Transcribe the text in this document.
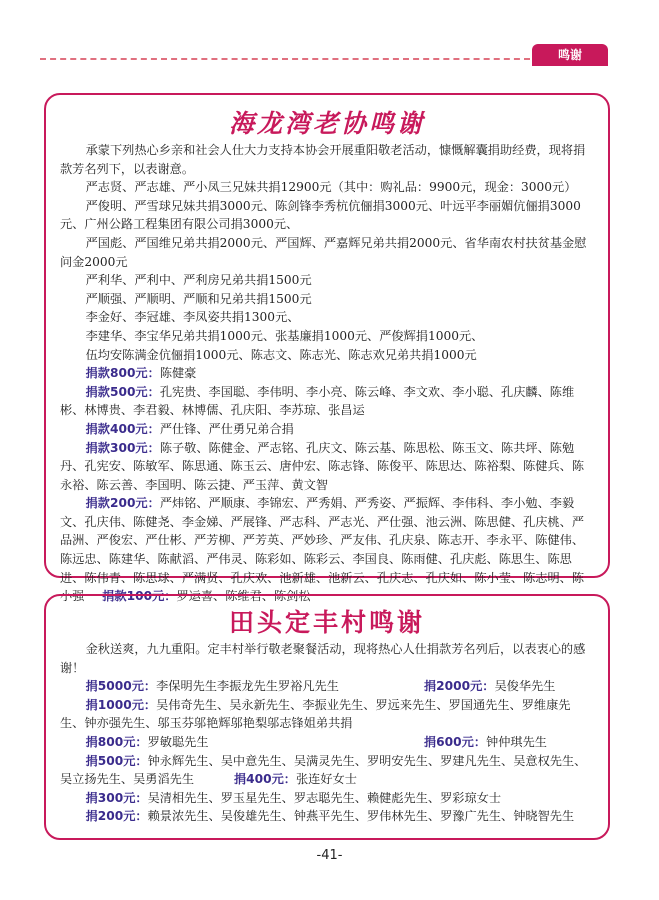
鸣谢
海龙湾老协鸣谢

承蒙下列热心乡亲和社会人仕大力支持本协会开展重阳敬老活动，慷慨解囊捐助经费，现将捐款芳名列下，以表谢意。

严志贤、严志雄、严小凤三兄妹共捐12900元（其中：购礼品：9900元，现金：3000元）

严俊明、严雪球兄妹共捐3000元、陈剑锋李秀杭伉俪捐3000元、叶远平李丽媚伉俪捐3000元、广州公路工程集团有限公司捐3000元、

严国彪、严国维兄弟共捐2000元、严国辉、严嘉辉兄弟共捐2000元、省华南农村扶贫基金慰问金2000元

严利华、严利中、严利房兄弟共捐1500元

严顺强、严顺明、严顺和兄弟共捐1500元

李金好、李冠雄、李凤姿共捐1300元、

李建华、李宝华兄弟共捐1000元、张基廉捐1000元、严俊辉捐1000元、

伍均安陈满金伉俪捐1000元、陈志文、陈志光、陈志欢兄弟共捐1000元

捐款800元：陈健豪

捐款500元：孔宪贵、李国聪、李伟明、李小亮、陈云峰、李文欢、李小聪、孔庆麟、陈维彬、林博贵、李君毅、林博儒、孔庆阳、李苏琼、张昌运

捐款400元：严仕锋、严仕勇兄弟合捐

捐款300元：陈子敬、陈健金、严志铭、孔庆文、陈云基、陈思松、陈玉文、陈共坪、陈勉丹、孔宪安、陈敏军、陈思通、陈玉云、唐仲宏、陈志锋、陈俊平、陈思达、陈裕梨、陈健兵、陈永裕、陈云善、李国明、陈云捷、严玉萍、黄文智

捐款200元：严炜铭、严顺康、李锦宏、严秀娟、严秀姿、严振辉、李伟科、李小勉、李毅文、孔庆伟、陈健尧、李金娣、严展锋、严志科、严志光、严仕强、池云洲、陈思健、孔庆桃、严品洲、严俊宏、严仕彬、严芳柳、严芳英、严妙珍、严友伟、孔庆泉、陈志开、李永平、陈健伟、陈远忠、陈建华、陈献滔、严伟灵、陈彩如、陈彩云、李国良、陈雨健、孔庆彪、陈思生、陈思进、陈伟青、陈思球、严满贤、孔庆欢、池新雄、池新云、孔庆志、孔庆如、陈小莹、陈志明、陈小强 捐款100元：罗运喜、陈维君、陈剑松

田头定丰村鸣谢

金秋送爽，九九重阳。定丰村举行敬老聚餐活动，现将热心人仕捐款芳名列后，以表衷心的感谢！

捐5000元：李保明先生李振龙先生罗裕凡先生	捐2000元：吴俊华先生

捐1000元：吴伟奇先生、吴永新先生、李振业先生、罗远来先生、罗国通先生、罗维康先生、钟亦强先生、邬玉芬邬艳辉邬艳梨邬志锋姐弟共捐

捐800元：罗敏聪先生	捐600元：钟仲琪先生

捐500元：钟永辉先生、吴中意先生、吴满灵先生、罗明安先生、罗建凡先生、吴意权先生、吴立扬先生、吴勇滔先生	捐400元：张连好女士

捐300元：吴清相先生、罗玉星先生、罗志聪先生、赖健彪先生、罗彩琼女士

捐200元：赖景浓先生、吴俊雄先生、钟燕平先生、罗伟林先生、罗豫广先生、钟晓智先生

-41-
